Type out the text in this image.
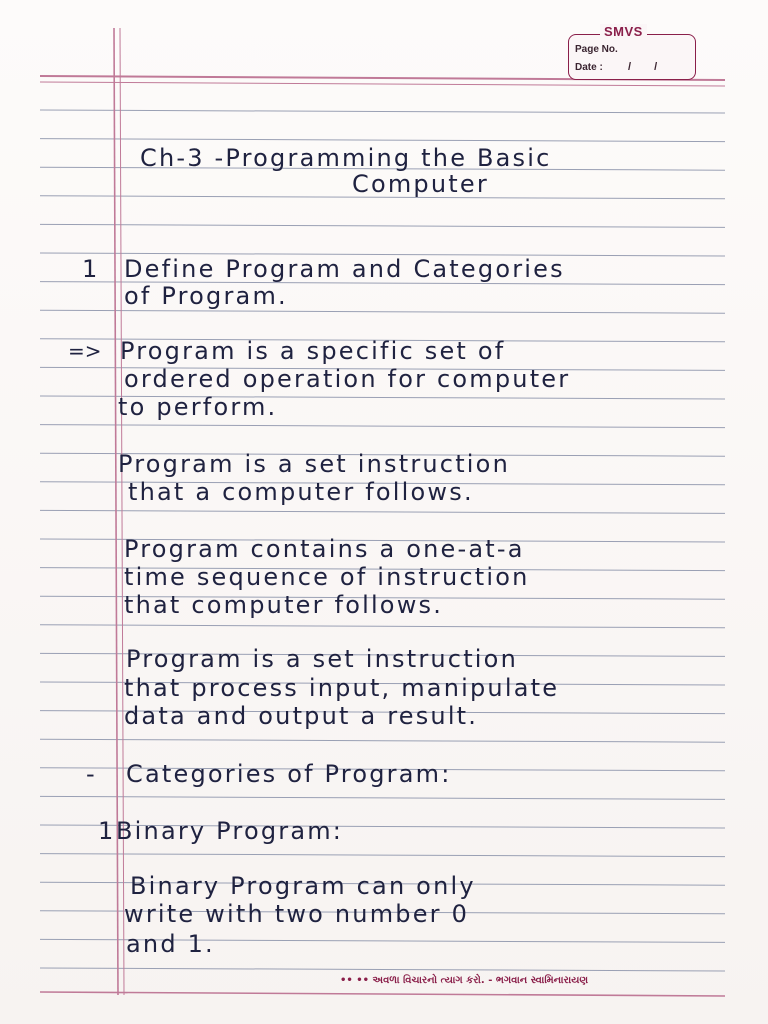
SMVS
Page No.
Date : / /

Ch-3 -Programming the Basic

Computer

1 Define Program and Categories

of Program.

=> Program is a specific set of

ordered operation for computer

to perform.

Program is a set instruction

that a computer follows.

Program contains a one-at-a

time sequence of instruction

that computer follows.

Program is a set instruction

that process input, manipulate

data and output a result.

- Categories of Program:

1 Binary Program:

Binary Program can only

write with two number 0

and 1.

•• •• અવળા વિચારનો ત્યાગ કરો. - ભગવાન સ્વામિનારાયણ
